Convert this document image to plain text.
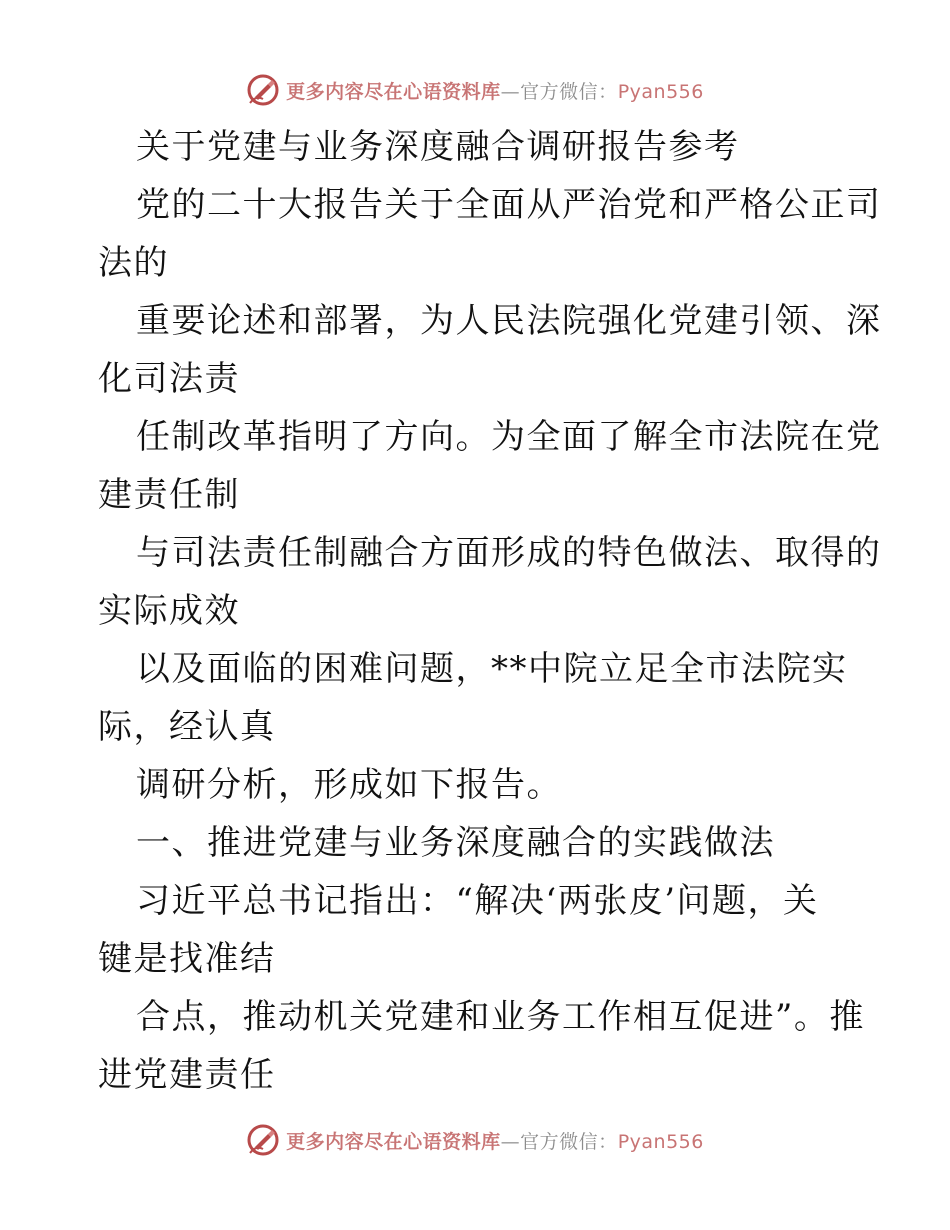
更多内容尽在心语资料库—官方微信：Pyan556
关于党建与业务深度融合调研报告参考
党的二十大报告关于全面从严治党和严格公正司
法的
重要论述和部署，为人民法院强化党建引领、深
化司法责
任制改革指明了方向。为全面了解全市法院在党
建责任制
与司法责任制融合方面形成的特色做法、取得的
实际成效
以及面临的困难问题，**中院立足全市法院实
际，经认真
调研分析，形成如下报告。
一、推进党建与业务深度融合的实践做法
习近平总书记指出：“解决‘两张皮’问题，关
键是找准结
合点，推动机关党建和业务工作相互促进”。推
进党建责任
更多内容尽在心语资料库—官方微信：Pyan556
